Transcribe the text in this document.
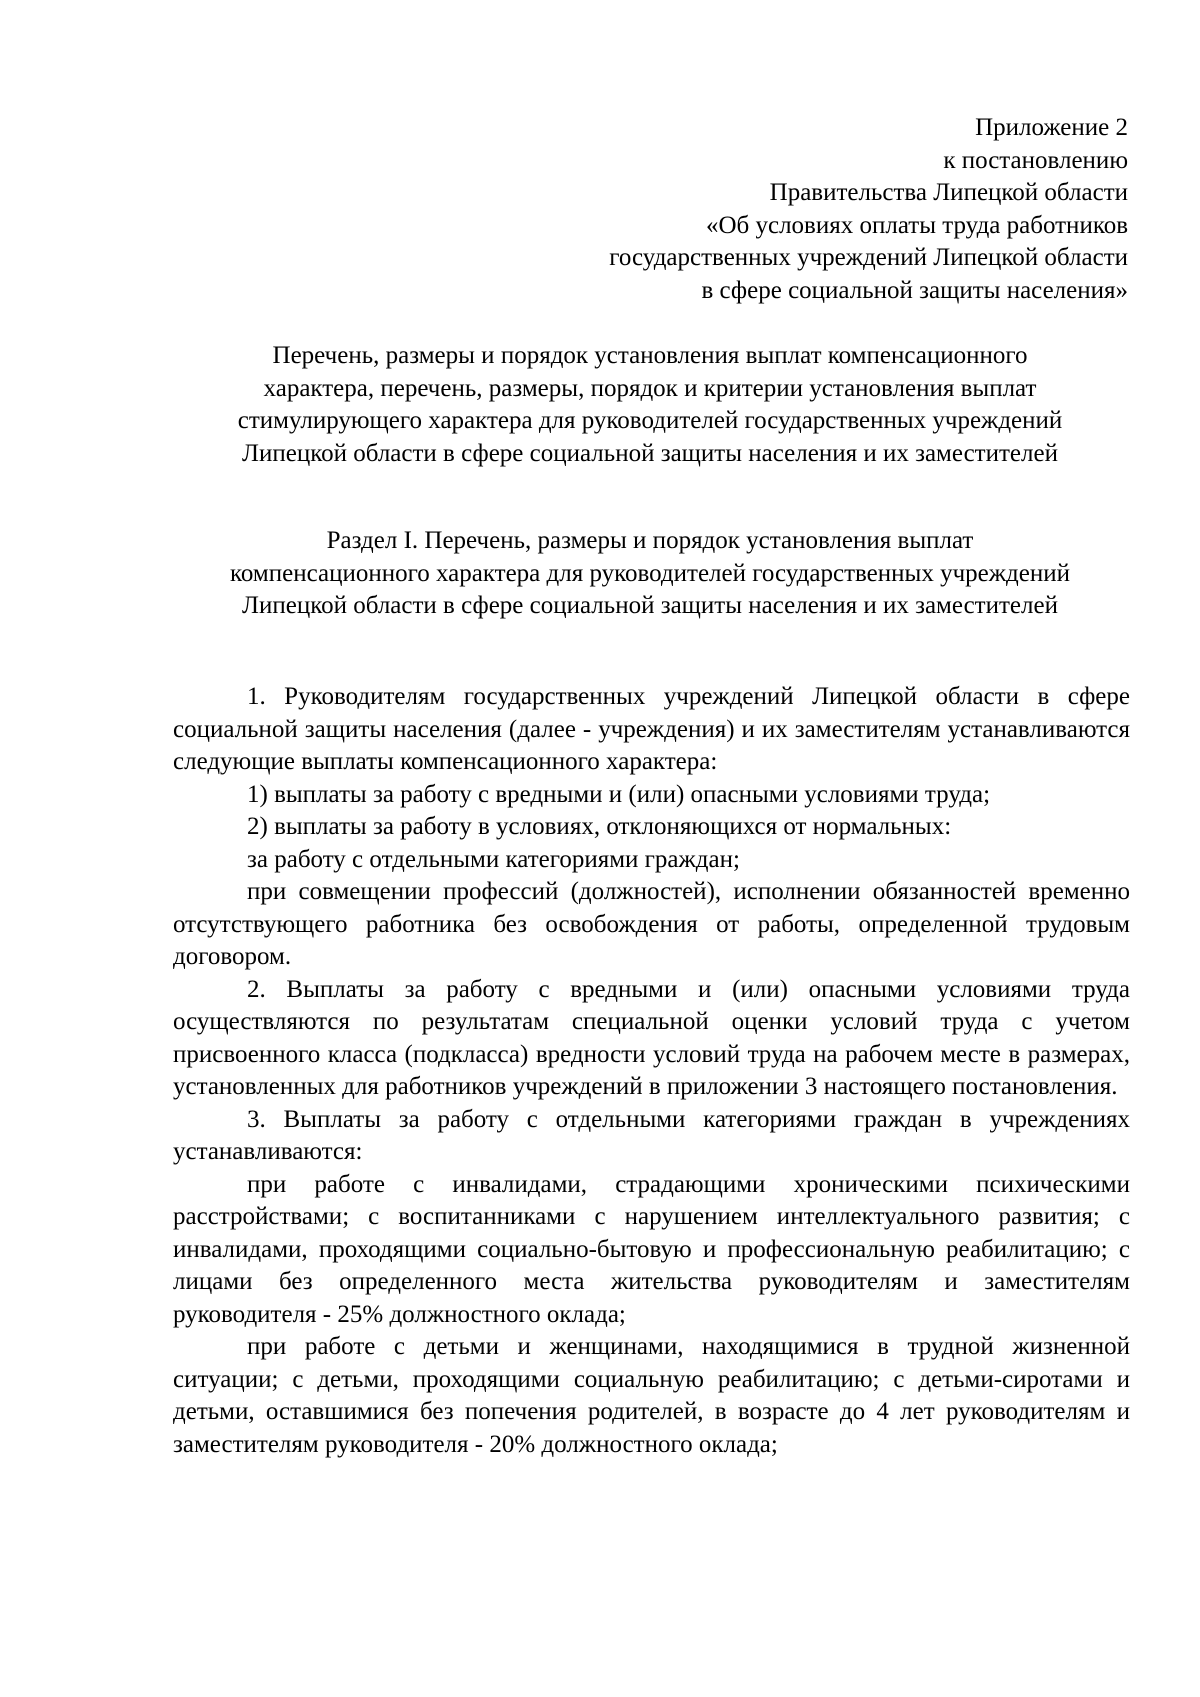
Приложение 2
к постановлению
Правительства Липецкой области
«Об условиях оплаты труда работников
государственных учреждений Липецкой области
в сфере социальной защиты населения»
Перечень, размеры и порядок установления выплат компенсационного
характера, перечень, размеры, порядок и критерии установления выплат
стимулирующего характера для руководителей государственных учреждений
Липецкой области в сфере социальной защиты населения и их заместителей
Раздел I. Перечень, размеры и порядок установления выплат
компенсационного характера для руководителей государственных учреждений
Липецкой области в сфере социальной защиты населения и их заместителей

1. Руководителям государственных учреждений Липецкой области в сфере социальной защиты населения (далее - учреждения) и их заместителям устанавливаются следующие выплаты компенсационного характера:

1) выплаты за работу с вредными и (или) опасными условиями труда;

2) выплаты за работу в условиях, отклоняющихся от нормальных:

за работу с отдельными категориями граждан;

при совмещении профессий (должностей), исполнении обязанностей временно отсутствующего работника без освобождения от работы, определенной трудовым договором.

2. Выплаты за работу с вредными и (или) опасными условиями труда осуществляются по результатам специальной оценки условий труда с учетом присвоенного класса (подкласса) вредности условий труда на рабочем месте в размерах, установленных для работников учреждений в приложении 3 настоящего постановления.

3. Выплаты за работу с отдельными категориями граждан в учреждениях устанавливаются:

при работе с инвалидами, страдающими хроническими психическими расстройствами; с воспитанниками с нарушением интеллектуального развития; с инвалидами, проходящими социально-бытовую и профессиональную реабилитацию; с лицами без определенного места жительства руководителям и заместителям руководителя - 25% должностного оклада;

при работе с детьми и женщинами, находящимися в трудной жизненной ситуации; с детьми, проходящими социальную реабилитацию; с детьми-сиротами и детьми, оставшимися без попечения родителей, в возрасте до 4 лет руководителям и заместителям руководителя - 20% должностного оклада;
